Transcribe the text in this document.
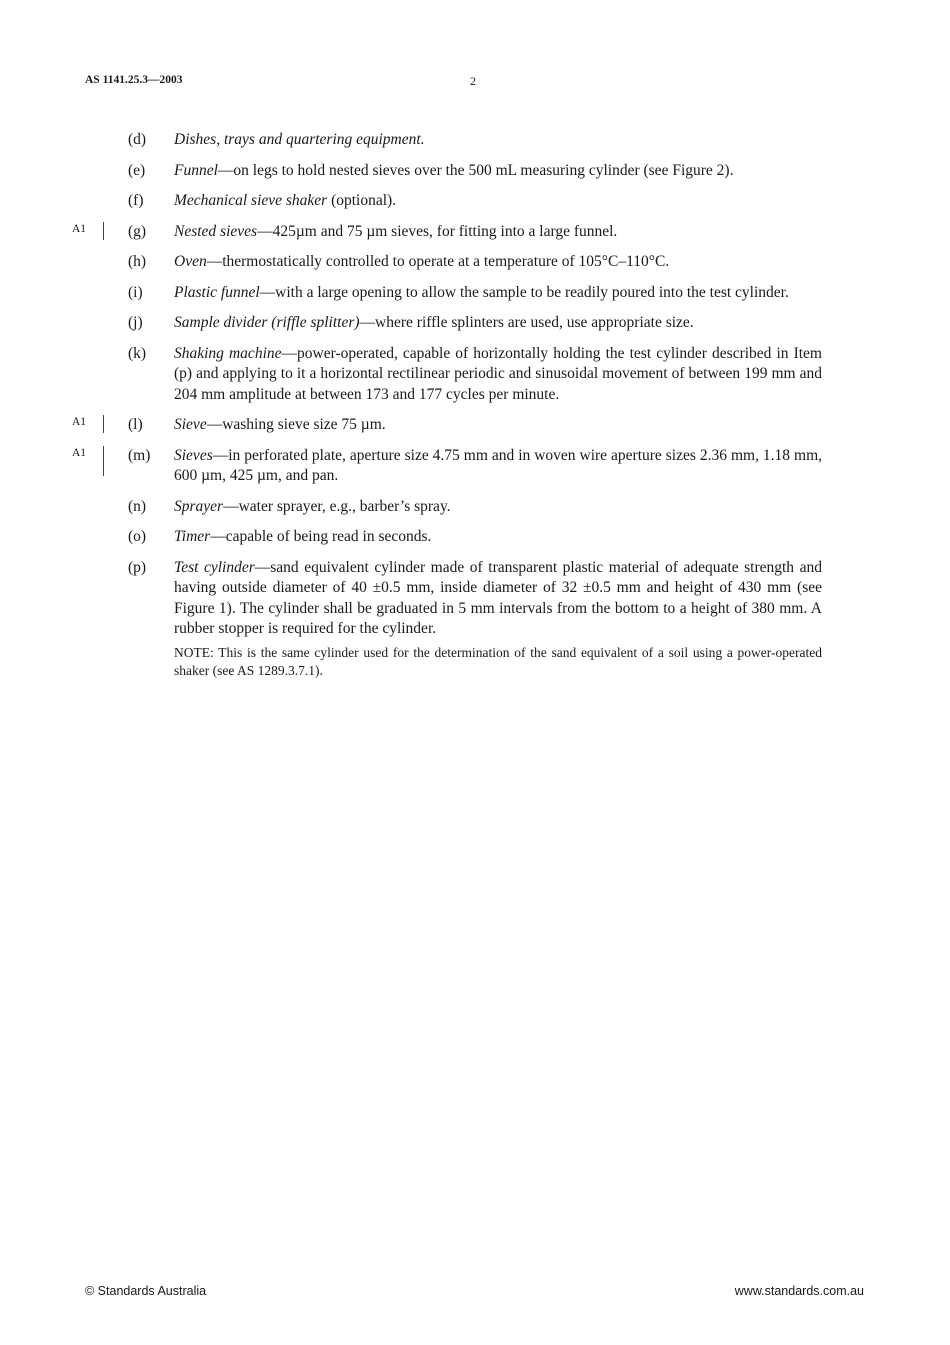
AS 1141.25.3—2003	2
(d)	Dishes, trays and quartering equipment.
(e)	Funnel—on legs to hold nested sieves over the 500 mL measuring cylinder (see Figure 2).
(f)	Mechanical sieve shaker (optional).
A1	(g)	Nested sieves—425µm and 75 µm sieves, for fitting into a large funnel.
(h)	Oven—thermostatically controlled to operate at a temperature of 105°C–110°C.
(i)	Plastic funnel—with a large opening to allow the sample to be readily poured into the test cylinder.
(j)	Sample divider (riffle splitter)—where riffle splinters are used, use appropriate size.
(k)	Shaking machine—power-operated, capable of horizontally holding the test cylinder described in Item (p) and applying to it a horizontal rectilinear periodic and sinusoidal movement of between 199 mm and 204 mm amplitude at between 173 and 177 cycles per minute.
A1	(l)	Sieve—washing sieve size 75 µm.
A1	(m)	Sieves—in perforated plate, aperture size 4.75 mm and in woven wire aperture sizes 2.36 mm, 1.18 mm, 600 µm, 425 µm, and pan.
(n)	Sprayer—water sprayer, e.g., barber’s spray.
(o)	Timer—capable of being read in seconds.
(p)	Test cylinder—sand equivalent cylinder made of transparent plastic material of adequate strength and having outside diameter of 40 ±0.5 mm, inside diameter of 32 ±0.5 mm and height of 430 mm (see Figure 1). The cylinder shall be graduated in 5 mm intervals from the bottom to a height of 380 mm. A rubber stopper is required for the cylinder.
NOTE: This is the same cylinder used for the determination of the sand equivalent of a soil using a power-operated shaker (see AS 1289.3.7.1).
© Standards Australia	www.standards.com.au
